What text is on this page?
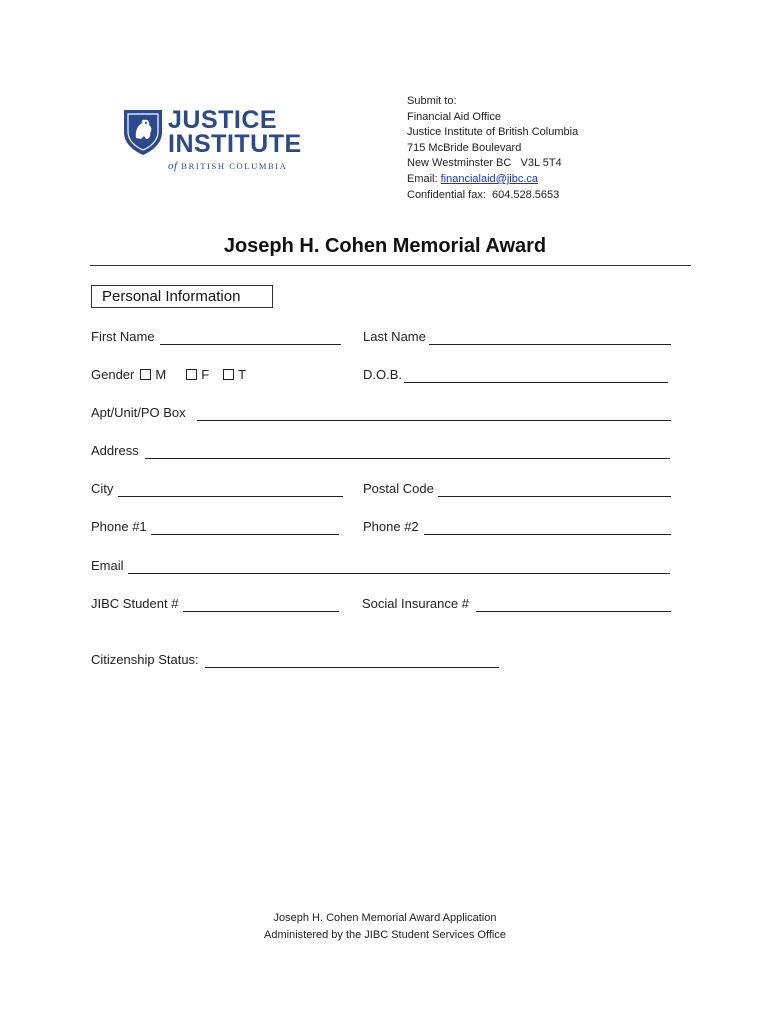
JUSTICE
INSTITUTE
of BRITISH COLUMBIA
Submit to:
Financial Aid Office
Justice Institute of British Columbia
715 McBride Boulevard
New Westminster BC   V3L 5T4
Email: financialaid@jibc.ca
Confidential fax:  604.528.5653
Joseph H. Cohen Memorial Award
Personal Information
First Name	Last Name
Gender M	F T	D.O.B.
Apt/Unit/PO Box
Address
City	Postal Code
Phone #1	Phone #2
Email
JIBC Student #	Social Insurance #
Citizenship Status:
Joseph H. Cohen Memorial Award Application
Administered by the JIBC Student Services Office
